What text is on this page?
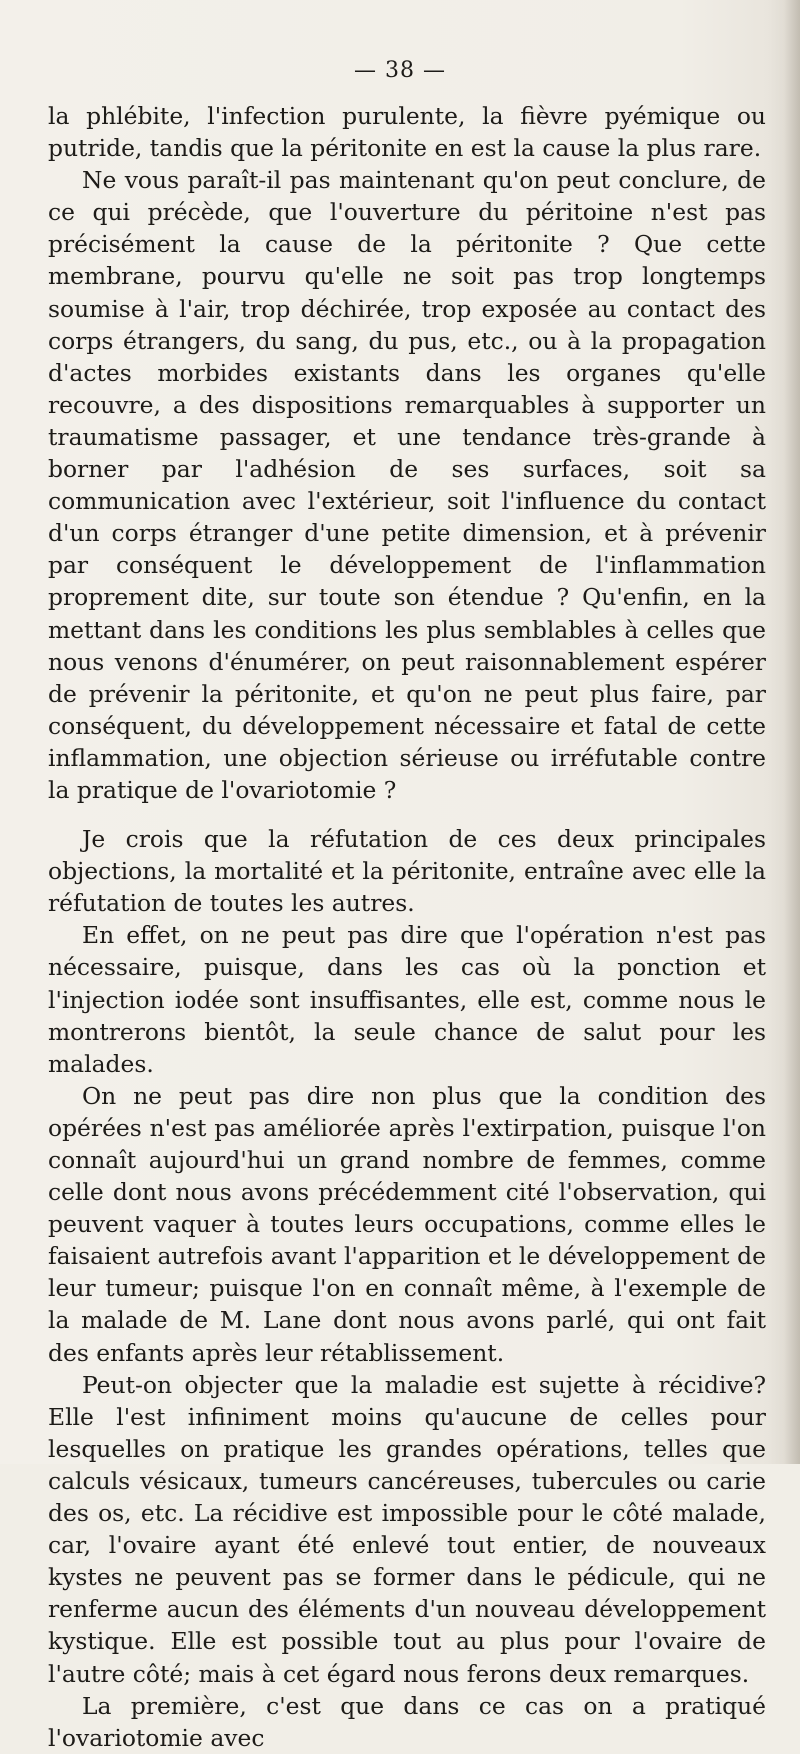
— 38 —

la phlébite, l'infection purulente, la fièvre pyémique ou putride, tandis que la péritonite en est la cause la plus rare.

Ne vous paraît-il pas maintenant qu'on peut conclure, de ce qui précède, que l'ouverture du péritoine n'est pas précisément la cause de la péritonite ? Que cette membrane, pourvu qu'elle ne soit pas trop longtemps soumise à l'air, trop déchirée, trop exposée au contact des corps étrangers, du sang, du pus, etc., ou à la propagation d'actes morbides existants dans les organes qu'elle recouvre, a des dispositions remarquables à supporter un traumatisme passager, et une tendance très-grande à borner par l'adhésion de ses surfaces, soit sa communication avec l'extérieur, soit l'influence du contact d'un corps étranger d'une petite dimension, et à prévenir par conséquent le développement de l'inflammation proprement dite, sur toute son étendue ? Qu'enfin, en la mettant dans les conditions les plus semblables à celles que nous venons d'énumérer, on peut raisonnablement espérer de prévenir la péritonite, et qu'on ne peut plus faire, par conséquent, du développement nécessaire et fatal de cette inflammation, une objection sérieuse ou irréfutable contre la pratique de l'ovariotomie ?

Je crois que la réfutation de ces deux principales objections, la mortalité et la péritonite, entraîne avec elle la réfutation de toutes les autres.

En effet, on ne peut pas dire que l'opération n'est pas nécessaire, puisque, dans les cas où la ponction et l'injection iodée sont insuffisantes, elle est, comme nous le montrerons bientôt, la seule chance de salut pour les malades.

On ne peut pas dire non plus que la condition des opérées n'est pas améliorée après l'extirpation, puisque l'on connaît aujourd'hui un grand nombre de femmes, comme celle dont nous avons précédemment cité l'observation, qui peuvent vaquer à toutes leurs occupations, comme elles le faisaient autrefois avant l'apparition et le développement de leur tumeur; puisque l'on en connaît même, à l'exemple de la malade de M. Lane dont nous avons parlé, qui ont fait des enfants après leur rétablissement.

Peut-on objecter que la maladie est sujette à récidive? Elle l'est infiniment moins qu'aucune de celles pour lesquelles on pratique les grandes opérations, telles que calculs vésicaux, tumeurs cancéreuses, tubercules ou carie des os, etc. La récidive est impossible pour le côté malade, car, l'ovaire ayant été enlevé tout entier, de nouveaux kystes ne peuvent pas se former dans le pédicule, qui ne renferme aucun des éléments d'un nouveau développement kystique. Elle est possible tout au plus pour l'ovaire de l'autre côté; mais à cet égard nous ferons deux remarques.

La première, c'est que dans ce cas on a pratiqué l'ovariotomie avec
